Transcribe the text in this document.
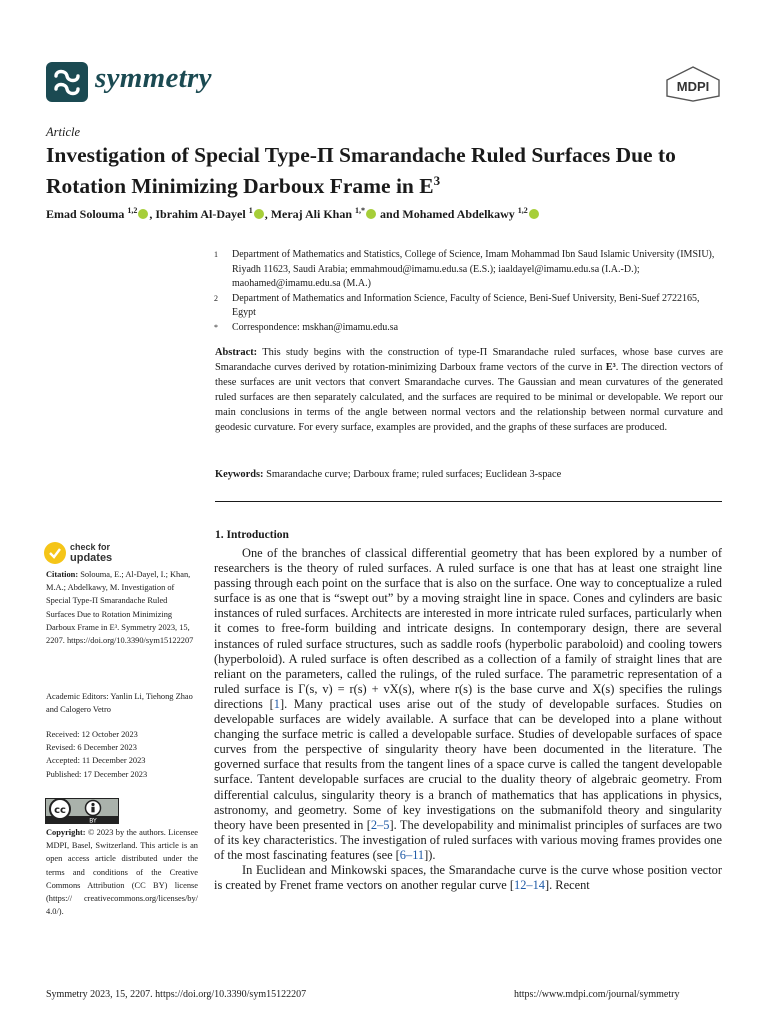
symmetry	MDPI
Article
Investigation of Special Type-Π Smarandache Ruled Surfaces Due to Rotation Minimizing Darboux Frame in $E^3$
Emad Solouma $^{1,2}$ , Ibrahim Al-Dayel $^1$ , Meraj Ali Khan $^{1,*}$ and Mohamed Abdelkawy $^{1,2}$
1	Department of Mathematics and Statistics, College of Science, Imam Mohammad Ibn Saud Islamic University (IMSIU), Riyadh 11623, Saudi Arabia; emmahmoud@imamu.edu.sa (E.S.); iaaldayel@imamu.edu.sa (I.A.-D.); maohamed@imamu.edu.sa (M.A.)
2	Department of Mathematics and Information Science, Faculty of Science, Beni-Suef University, Beni-Suef 2722165, Egypt
*	Correspondence: mskhan@imamu.edu.sa
Abstract: This study begins with the construction of type-Π Smarandache ruled surfaces, whose base curves are Smarandache curves derived by rotation-minimizing Darboux frame vectors of the curve in E³. The direction vectors of these surfaces are unit vectors that convert Smarandache curves. The Gaussian and mean curvatures of the generated ruled surfaces are then separately calculated, and the surfaces are required to be minimal or developable. We report our main conclusions in terms of the angle between normal vectors and the relationship between normal curvature and geodesic curvature. For every surface, examples are provided, and the graphs of these surfaces are produced.
Keywords: Smarandache curve; Darboux frame; ruled surfaces; Euclidean 3-space
1. Introduction

One of the branches of classical differential geometry that has been explored by a number of researchers is the theory of ruled surfaces. A ruled surface is one that has at least one straight line passing through each point on the surface that is also on the surface. One way to conceptualize a ruled surface is as one that is “swept out” by a moving straight line in space. Cones and cylinders are basic instances of ruled surfaces. Architects are interested in more intricate ruled surfaces, particularly when it comes to free-form building and intricate designs. In contemporary design, there are several instances of ruled surface structures, such as saddle roofs (hyperbolic paraboloid) and cooling towers (hyperboloid). A ruled surface is often described as a collection of a family of straight lines that are reliant on the parameters, called the rulings, of the ruled surface. The parametric representation of a ruled surface is Γ(s, v) = r(s) + vX(s), where r(s) is the base curve and X(s) specifies the rulings directions [1]. Many practical uses arise out of the study of developable surfaces. Studies on developable surfaces are widely available. A surface that can be developed into a plane without changing the surface metric is called a developable surface. Studies of developable surfaces of space curves from the perspective of singularity theory have been documented in the literature. The governed surface that results from the tangent lines of a space curve is called the tangent developable surface. Tantent developable surfaces are crucial to the duality theory of algebraic geometry. From differential calculus, singularity theory is a branch of mathematics that has applications in physics, astronomy, and geometry. Some of key investigations on the submanifold theory and singularity theory have been presented in [2–5]. The developability and minimalist principles of surfaces are two of its key characteristics. The investigation of ruled surfaces with various moving frames provides one of the most fascinating features (see [6–11]).

In Euclidean and Minkowski spaces, the Smarandache curve is the curve whose position vector is created by Frenet frame vectors on another regular curve [12–14]. Recent

check for
updates
Citation: Solouma, E.; Al-Dayel, I.; Khan, M.A.; Abdelkawy, M. Investigation of Special Type-Π Smarandache Ruled Surfaces Due to Rotation Minimizing Darboux Frame in E³. Symmetry 2023, 15, 2207. https://doi.org/10.3390/sym15122207
Academic Editors: Yanlin Li, Tiehong Zhao and Calogero Vetro
Received: 12 October 2023
Revised: 6 December 2023
Accepted: 11 December 2023
Published: 17 December 2023
cc
BY
Copyright: © 2023 by the authors. Licensee MDPI, Basel, Switzerland. This article is an open access article distributed under the terms and conditions of the Creative Commons Attribution (CC BY) license (https:// creativecommons.org/licenses/by/ 4.0/).
Symmetry 2023, 15, 2207. https://doi.org/10.3390/sym15122207	https://www.mdpi.com/journal/symmetry
